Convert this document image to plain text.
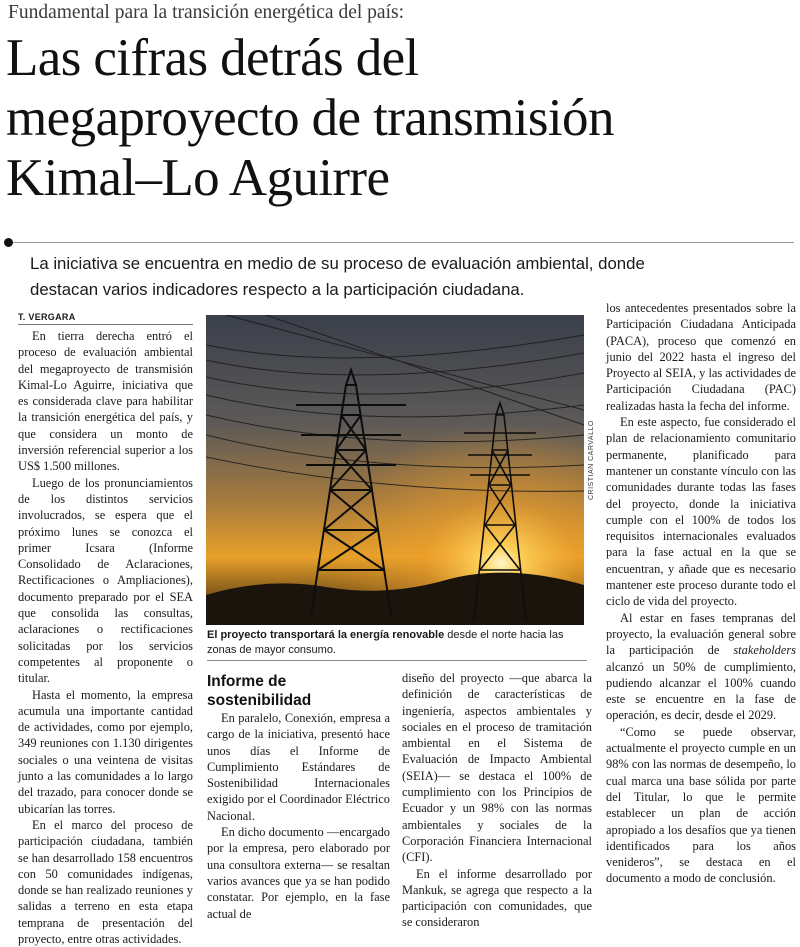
Fundamental para la transición energética del país:
Las cifras detrás del
megaproyecto de transmisión
Kimal–Lo Aguirre
La iniciativa se encuentra en medio de su proceso de evaluación ambiental, donde
destacan varios indicadores respecto a la participación ciudadana.
T. VERGARA

En tierra derecha entró el proceso de evaluación ambiental del megaproyecto de transmisión Kimal-Lo Aguirre, iniciativa que es considerada clave para habilitar la transición energética del país, y que considera un monto de inversión referencial superior a los US$ 1.500 millones.

Luego de los pronunciamientos de los distintos servicios involucrados, se espera que el próximo lunes se conozca el primer Icsara (Informe Consolidado de Aclaraciones, Rectificaciones o Ampliaciones), documento preparado por el SEA que consolida las consultas, aclaraciones o rectificaciones solicitadas por los servicios competentes al proponente o titular.

Hasta el momento, la empresa acumula una importante cantidad de actividades, como por ejemplo, 349 reuniones con 1.130 dirigentes sociales o una veintena de visitas junto a las comunidades a lo largo del trazado, para conocer donde se ubicarían las torres.

En el marco del proceso de participación ciudadana, también se han desarrollado 158 encuentros con 50 comunidades indígenas, donde se han realizado reuniones y salidas a terreno en esta etapa temprana de presentación del proyecto, entre otras actividades.

CRISTIAN CARVALLO
El proyecto transportará la energía renovable desde el norte hacia las zonas de mayor consumo.
Informe de sostenibilidad

En paralelo, Conexión, empresa a cargo de la iniciativa, presentó hace unos días el Informe de Cumplimiento Estándares de Sostenibilidad Internacionales exigido por el Coordinador Eléctrico Nacional.

En dicho documento —encargado por la empresa, pero elaborado por una consultora externa— se resaltan varios avances que ya se han podido constatar. Por ejemplo, en la fase actual de

diseño del proyecto —que abarca la definición de características de ingeniería, aspectos ambientales y sociales en el proceso de tramitación ambiental en el Sistema de Evaluación de Impacto Ambiental (SEIA)— se destaca el 100% de cumplimiento con los Principios de Ecuador y un 98% con las normas ambientales y sociales de la Corporación Financiera Internacional (CFI).

En el informe desarrollado por Mankuk, se agrega que respecto a la participación con comunidades, que se consideraron

los antecedentes presentados sobre la Participación Ciudadana Anticipada (PACA), proceso que comenzó en junio del 2022 hasta el ingreso del Proyecto al SEIA, y las actividades de Participación Ciudadana (PAC) realizadas hasta la fecha del informe.

En este aspecto, fue considerado el plan de relacionamiento comunitario permanente, planificado para mantener un constante vínculo con las comunidades durante todas las fases del proyecto, donde la iniciativa cumple con el 100% de todos los requisitos internacionales evaluados para la fase actual en la que se encuentran, y añade que es necesario mantener este proceso durante todo el ciclo de vida del proyecto.

Al estar en fases tempranas del proyecto, la evaluación general sobre la participación de stakeholders alcanzó un 50% de cumplimiento, pudiendo alcanzar el 100% cuando este se encuentre en la fase de operación, es decir, desde el 2029.

“Como se puede observar, actualmente el proyecto cumple en un 98% con las normas de desempeño, lo cual marca una base sólida por parte del Titular, lo que le permite establecer un plan de acción apropiado a los desafíos que ya tienen identificados para los años venideros”, se destaca en el documento a modo de conclusión.
